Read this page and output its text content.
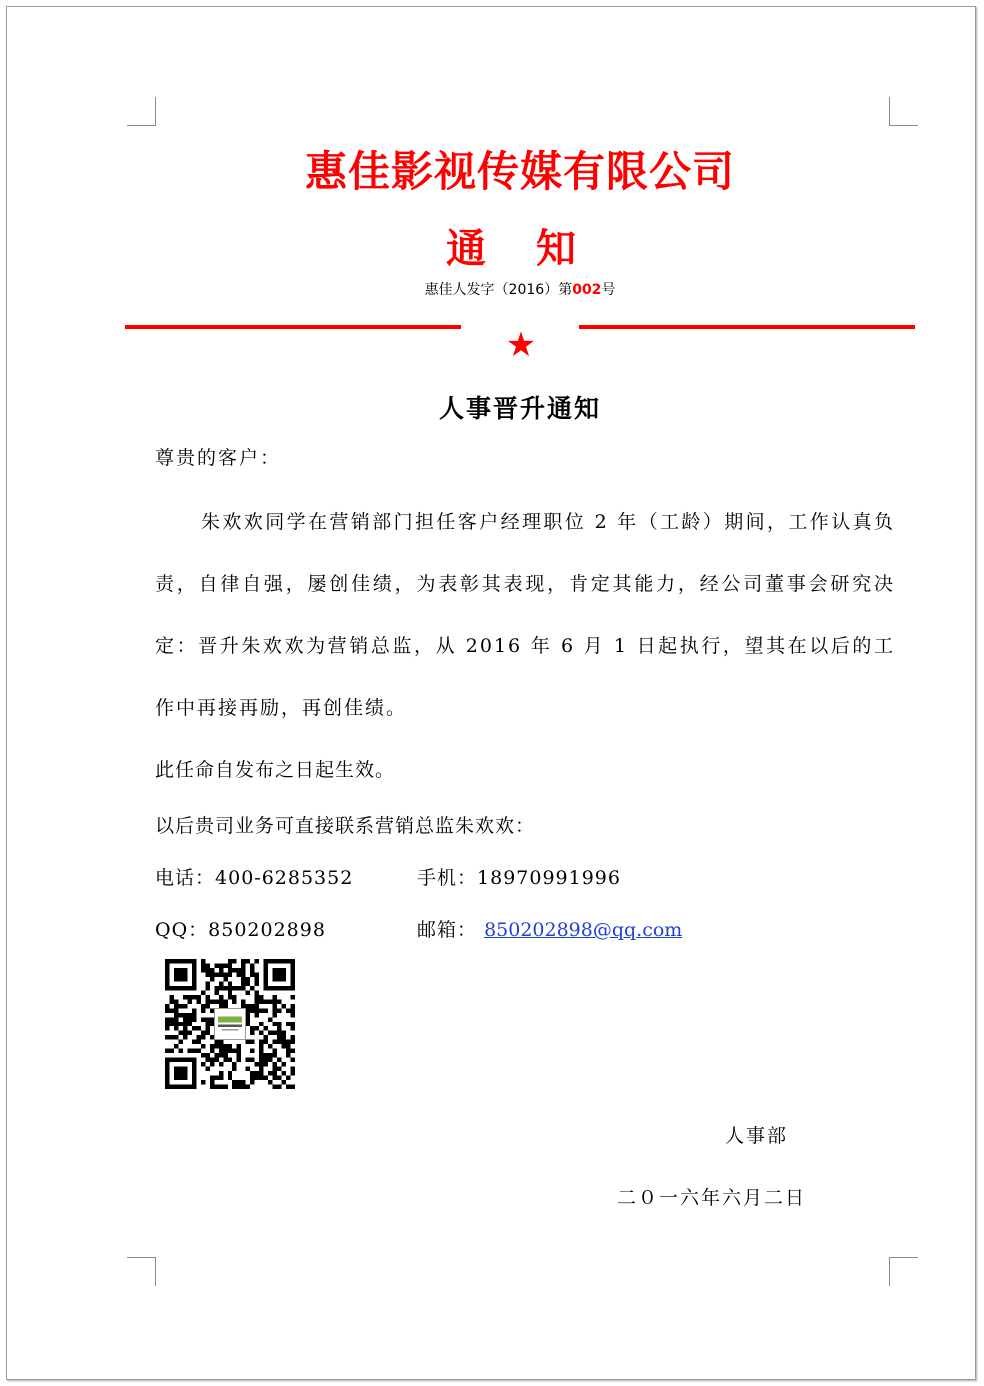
惠佳影视传媒有限公司
通 知
惠佳人发字（2016）第002号
★
人事晋升通知
尊贵的客户：
朱欢欢同学在营销部门担任客户经理职位 2 年（工龄）期间，工作认真负责，自律自强，屡创佳绩，为表彰其表现，肯定其能力，经公司董事会研究决定：晋升朱欢欢为营销总监，从 2016 年 6 月 1 日起执行，望其在以后的工作中再接再励，再创佳绩。
此任命自发布之日起生效。
以后贵司业务可直接联系营销总监朱欢欢：
电话：400-6285352	手机：18970991996
QQ：850202898	邮箱： 850202898@qq.com
人事部
二０一六年六月二日
